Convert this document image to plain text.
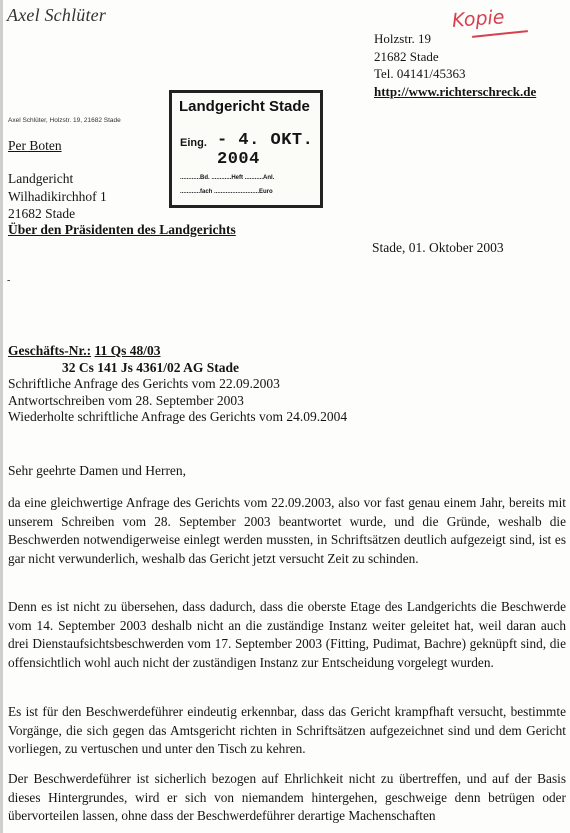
Axel Schlüter	Kopie
Holzstr. 19
21682 Stade
Tel. 04141/45363
http://www.richterschreck.de
Axel Schlüter, Holzstr. 19, 21682 Stade
Per Boten
Landgericht
Wilhadikirchhof 1
21682 Stade
Über den Präsidenten des Landgerichts
Landgericht Stade
Eing. - 4. OKT. 2004
............Bd. ............Heft ...........Anl.
............fach ...........................Euro
Stade, 01. Oktober 2003
-
Geschäfts-Nr.: 11 Qs 48/03
32 Cs 141 Js 4361/02 AG Stade
Schriftliche Anfrage des Gerichts vom 22.09.2003
Antwortschreiben vom 28. September 2003
Wiederholte schriftliche Anfrage des Gerichts vom 24.09.2004
Sehr geehrte Damen und Herren,
da eine gleichwertige Anfrage des Gerichts vom 22.09.2003, also vor fast genau einem Jahr, bereits mit unserem Schreiben vom 28. September 2003 beantwortet wurde, und die Gründe, weshalb die Beschwerden notwendigerweise einlegt werden mussten, in Schriftsätzen deutlich aufgezeigt sind, ist es gar nicht verwunderlich, weshalb das Gericht jetzt versucht Zeit zu schinden.
Denn es ist nicht zu übersehen, dass dadurch, dass die oberste Etage des Landgerichts die Beschwerde vom 14. September 2003 deshalb nicht an die zuständige Instanz weiter geleitet hat, weil daran auch drei Dienstaufsichtsbeschwerden vom 17. September 2003 (Fitting, Pudimat, Bachre) geknüpft sind, die offensichtlich wohl auch nicht der zuständigen Instanz zur Entscheidung vorgelegt wurden.
Es ist für den Beschwerdeführer eindeutig erkennbar, dass das Gericht krampfhaft versucht, bestimmte Vorgänge, die sich gegen das Amtsgericht richten in Schriftsätzen aufgezeichnet sind und dem Gericht vorliegen, zu vertuschen und unter den Tisch zu kehren.
Der Beschwerdeführer ist sicherlich bezogen auf Ehrlichkeit nicht zu übertreffen, und auf der Basis dieses Hintergrundes, wird er sich von niemandem hintergehen, geschweige denn betrügen oder übervorteilen lassen, ohne dass der Beschwerdeführer derartige Machenschaften
